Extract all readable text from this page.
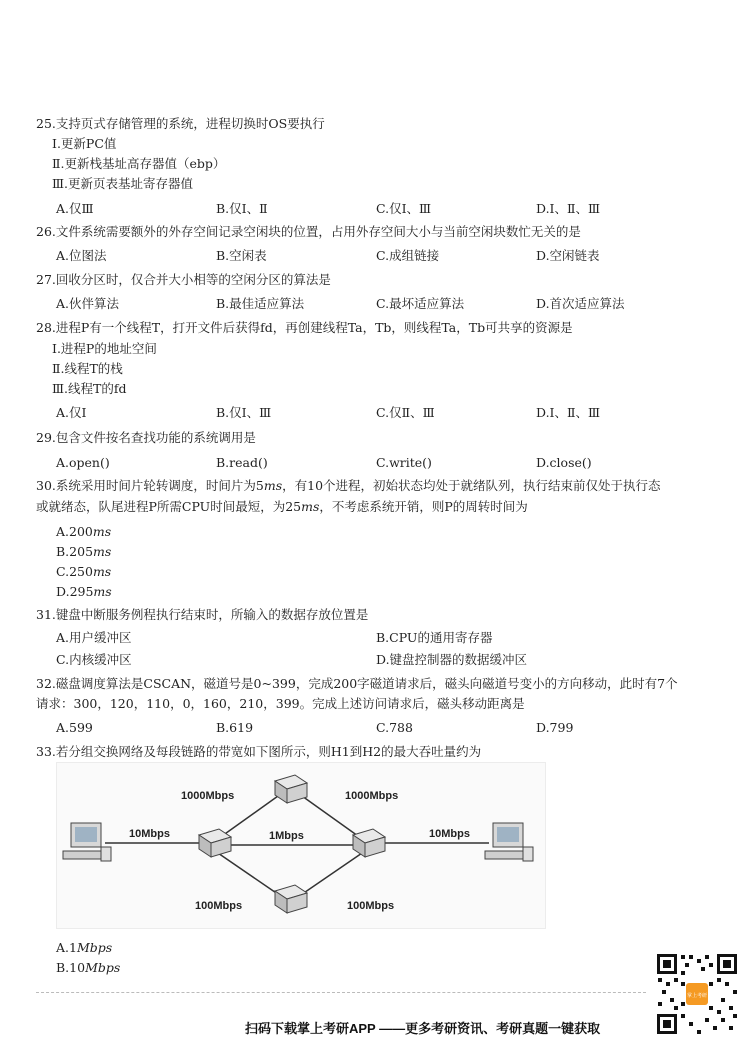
25.支持页式存储管理的系统，进程切换时OS要执行
Ⅰ.更新PC值
Ⅱ.更新栈基址高存器值（ebp）
Ⅲ.更新页表基址寄存器值
A.仅Ⅲ	B.仅Ⅰ、Ⅱ	C.仅Ⅰ、Ⅲ	D.Ⅰ、Ⅱ、Ⅲ
26.文件系统需要额外的外存空间记录空闲块的位置，占用外存空间大小与当前空闲块数忙无关的是
A.位图法	B.空闲表	C.成组链接	D.空闲链表
27.回收分区时，仅合并大小相等的空闲分区的算法是
A.伙伴算法	B.最佳适应算法	C.最坏适应算法	D.首次适应算法
28.进程P有一个线程T，打开文件后获得fd，再创建线程Ta，Tb，则线程Ta，Tb可共享的资源是
Ⅰ.进程P的地址空间
Ⅱ.线程T的栈
Ⅲ.线程T的fd
A.仅Ⅰ	B.仅Ⅰ、Ⅲ	C.仅Ⅱ、Ⅲ	D.Ⅰ、Ⅱ、Ⅲ
29.包含文件按名查找功能的系统调用是
A.open()	B.read()	C.write()	D.close()
30.系统采用时间片轮转调度，时间片为5ms，有10个进程，初始状态均处于就绪队列，执行结束前仅处于执行态
或就绪态，队尾进程P所需CPU时间最短，为25ms，不考虑系统开销，则P的周转时间为
A.200ms
B.205ms
C.250ms
D.295ms
31.键盘中断服务例程执行结束时，所输入的数据存放位置是
A.用户缓冲区	B.CPU的通用寄存器
C.内核缓冲区	D.键盘控制器的数据缓冲区
32.磁盘调度算法是CSCAN，磁道号是0~399，完成200字磁道请求后，磁头向磁道号变小的方向移动，此时有7个
请求：300，120，110，0，160，210，399。完成上述访问请求后，磁头移动距离是
A.599	B.619	C.788	D.799
33.若分组交换网络及每段链路的带宽如下图所示，则H1到H2的最大吞吐量约为
10Mbps
1000Mbps	1000Mbps
1Mbps
100Mbps	100Mbps
10Mbps
A.1Mbps
B.10Mbps
扫码下载掌上考研APP ——更多考研资讯、考研真题一键获取
掌上考研
